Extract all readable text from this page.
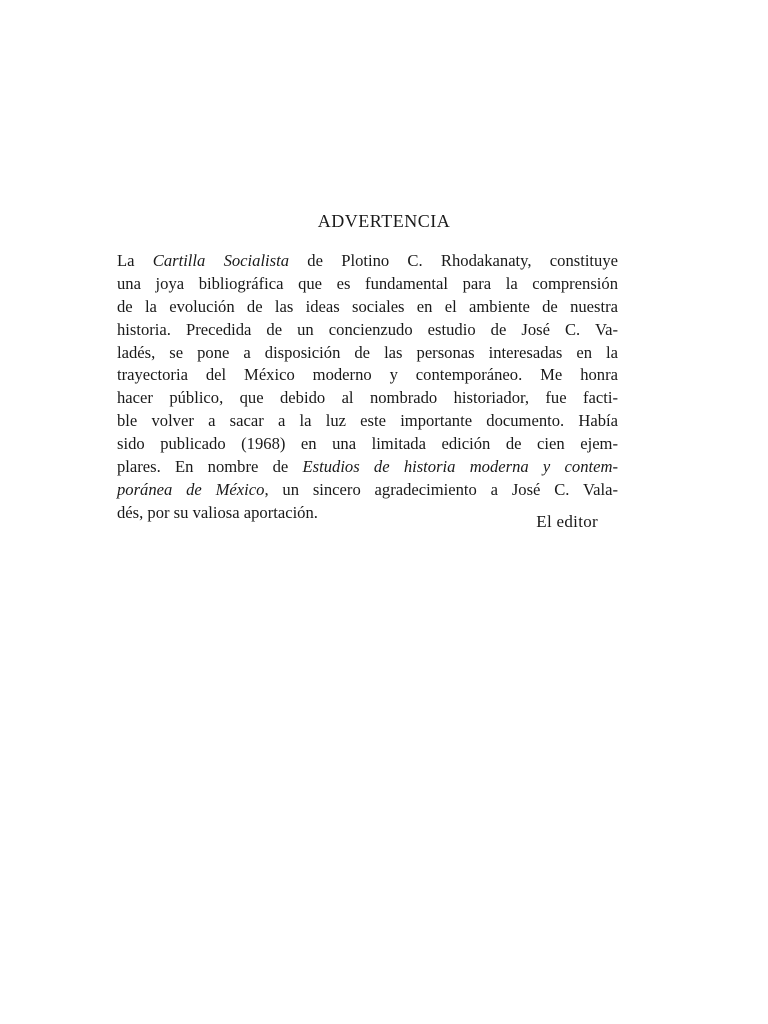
ADVERTENCIA
La Cartilla Socialista de Plotino C. Rhodakanaty, constituye
una joya bibliográfica que es fundamental para la comprensión
de la evolución de las ideas sociales en el ambiente de nuestra
historia. Precedida de un concienzudo estudio de José C. Va-
ladés, se pone a disposición de las personas interesadas en la
trayectoria del México moderno y contemporáneo. Me honra
hacer público, que debido al nombrado historiador, fue facti-
ble volver a sacar a la luz este importante documento. Había
sido publicado (1968) en una limitada edición de cien ejem-
plares. En nombre de Estudios de historia moderna y contem-
poránea de México, un sincero agradecimiento a José C. Vala-
dés, por su valiosa aportación.	El editor
